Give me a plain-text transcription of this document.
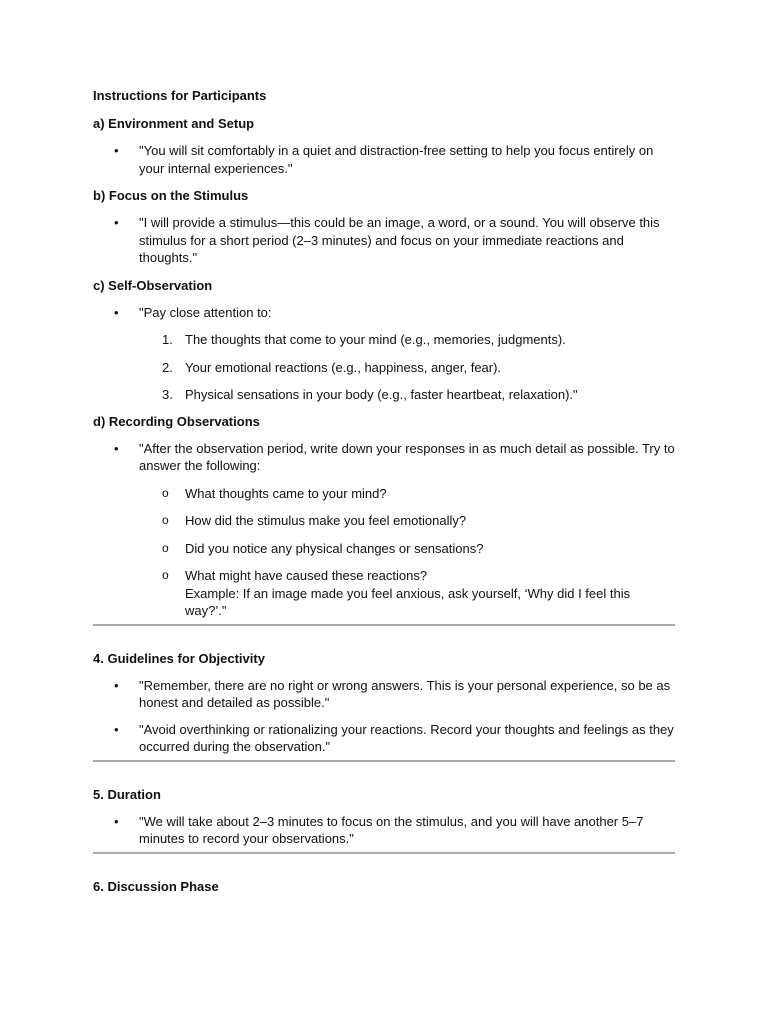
Instructions for Participants
a) Environment and Setup
• "You will sit comfortably in a quiet and distraction-free setting to help you focus entirely on your internal experiences."
b) Focus on the Stimulus
• "I will provide a stimulus—this could be an image, a word, or a sound. You will observe this stimulus for a short period (2–3 minutes) and focus on your immediate reactions and thoughts."
c) Self-Observation
• "Pay close attention to:
1. The thoughts that come to your mind (e.g., memories, judgments).
2. Your emotional reactions (e.g., happiness, anger, fear).
3. Physical sensations in your body (e.g., faster heartbeat, relaxation)."
d) Recording Observations
• "After the observation period, write down your responses in as much detail as possible. Try to answer the following:
o What thoughts came to your mind?
o How did the stimulus make you feel emotionally?
o Did you notice any physical changes or sensations?
o What might have caused these reactions?
Example: If an image made you feel anxious, ask yourself, ‘Why did I feel this way?’."
4. Guidelines for Objectivity
• "Remember, there are no right or wrong answers. This is your personal experience, so be as honest and detailed as possible."
• "Avoid overthinking or rationalizing your reactions. Record your thoughts and feelings as they occurred during the observation."
5. Duration
• "We will take about 2–3 minutes to focus on the stimulus, and you will have another 5–7 minutes to record your observations."
6. Discussion Phase
